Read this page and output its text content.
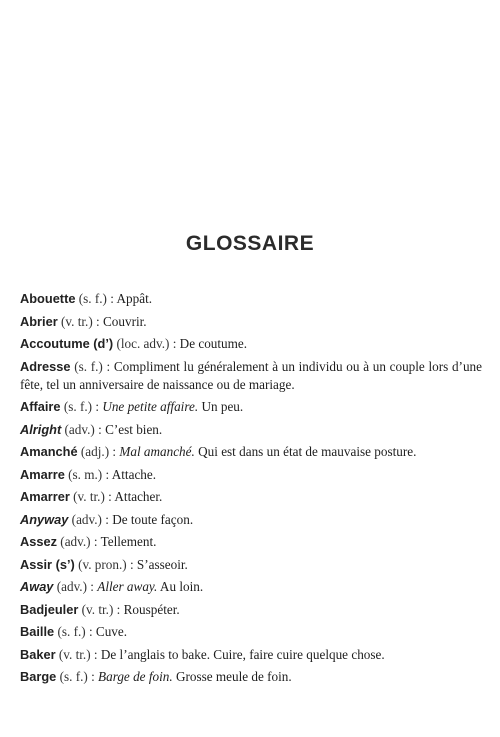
GLOSSAIRE
Abouette (s. f.) : Appât.
Abrier (v. tr.) : Couvrir.
Accoutume (d’) (loc. adv.) : De coutume.
Adresse (s. f.) : Compliment lu généralement à un individu ou à un couple lors d’une fête, tel un anniversaire de naissance ou de mariage.
Affaire (s. f.) : Une petite affaire. Un peu.
Alright (adv.) : C’est bien.
Amanché (adj.) : Mal amanché. Qui est dans un état de mauvaise posture.
Amarre (s. m.) : Attache.
Amarrer (v. tr.) : Attacher.
Anyway (adv.) : De toute façon.
Assez (adv.) : Tellement.
Assir (s’) (v. pron.) : S’asseoir.
Away (adv.) : Aller away. Au loin.
Badjeuler (v. tr.) : Rouspéter.
Baille (s. f.) : Cuve.
Baker (v. tr.) : De l’anglais to bake. Cuire, faire cuire quelque chose.
Barge (s. f.) : Barge de foin. Grosse meule de foin.
